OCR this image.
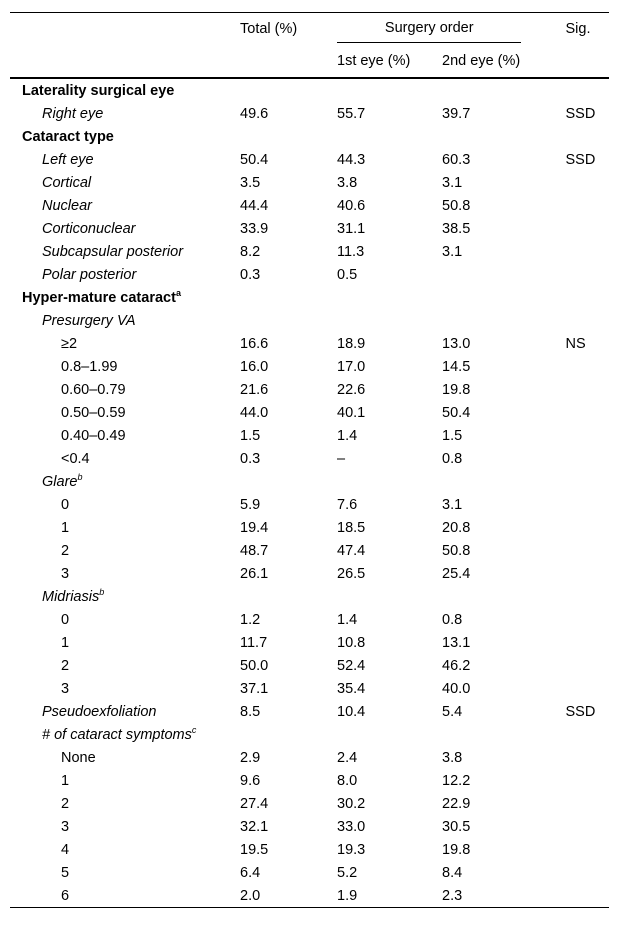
	Total (%)	Surgery order		Sig.
		1st eye (%)	2nd eye (%)	
Laterality surgical eye				
Right eye	49.6	55.7	39.7	SSD
Cataract type				
Left eye	50.4	44.3	60.3	SSD
Cortical	3.5	3.8	3.1	
Nuclear	44.4	40.6	50.8	
Corticonuclear	33.9	31.1	38.5	
Subcapsular posterior	8.2	11.3	3.1	
Polar posterior	0.3	0.5		
Hyper-mature cataract$^a$
Presurgery VA				
≥2	16.6	18.9	13.0	NS
0.8–1.99	16.0	17.0	14.5	
0.60–0.79	21.6	22.6	19.8	
0.50–0.59	44.0	40.1	50.4	
0.40–0.49	1.5	1.4	1.5	
<0.4	0.3	–	0.8	
Glare$^b$
0	5.9	7.6	3.1	
1	19.4	18.5	20.8	
2	48.7	47.4	50.8	
3	26.1	26.5	25.4	
Midriasis$^b$
0	1.2	1.4	0.8	
1	11.7	10.8	13.1	
2	50.0	52.4	46.2	
3	37.1	35.4	40.0	
Pseudoexfoliation	8.5	10.4	5.4	SSD
# of cataract symptoms$^c$
None	2.9	2.4	3.8	
1	9.6	8.0	12.2	
2	27.4	30.2	22.9	
3	32.1	33.0	30.5	
4	19.5	19.3	19.8	
5	6.4	5.2	8.4	
6	2.0	1.9	2.3	
